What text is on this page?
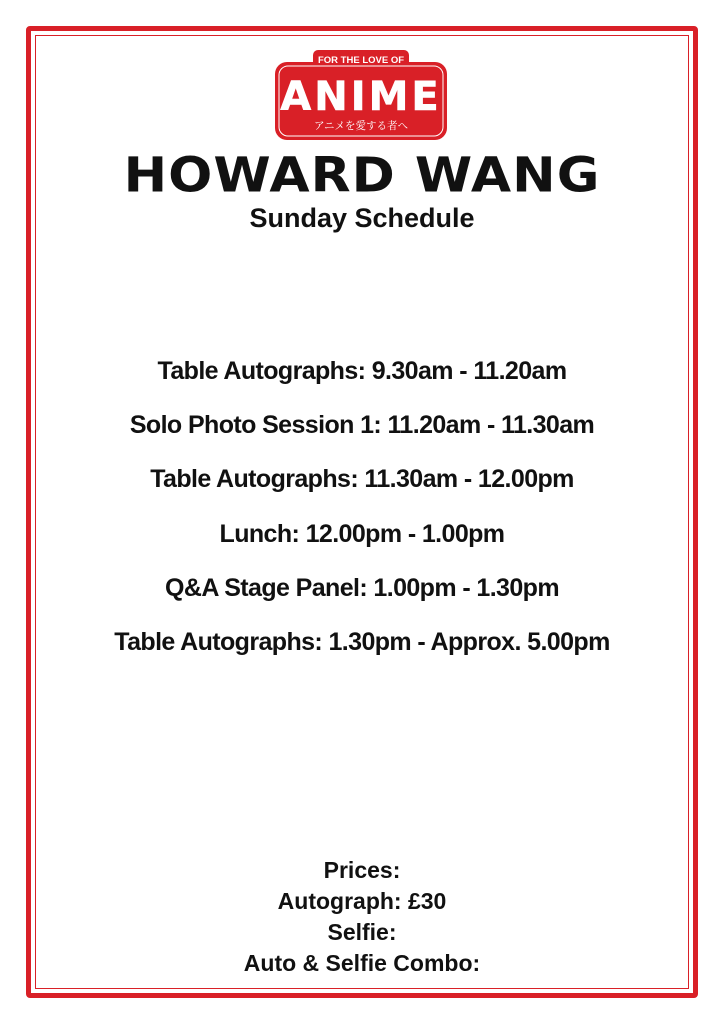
FOR THE LOVE OF
ANIME
アニメを愛する者へ
HOWARD WANG
Sunday Schedule
Table Autographs: 9.30am - 11.20am
Solo Photo Session 1: 11.20am - 11.30am
Table Autographs: 11.30am - 12.00pm
Lunch: 12.00pm - 1.00pm
Q&A Stage Panel: 1.00pm - 1.30pm
Table Autographs: 1.30pm - Approx. 5.00pm
Prices:
Autograph: £30
Selfie:
Auto & Selfie Combo:
